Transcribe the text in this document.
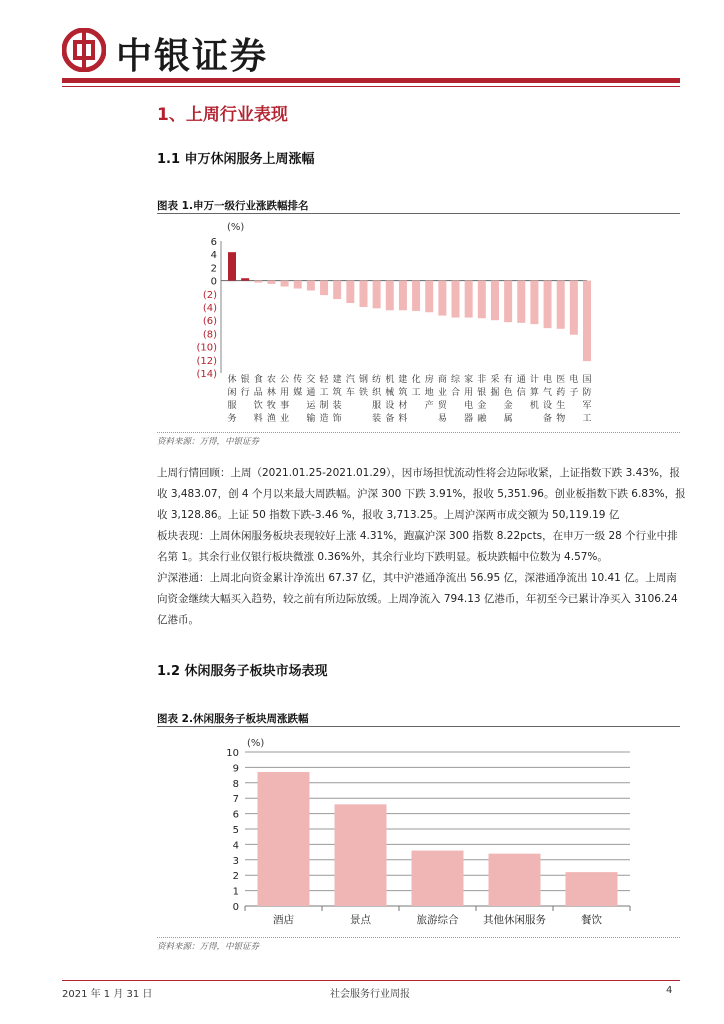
中银证券
1、上周行业表现
1.1 申万休闲服务上周涨幅
图表 1.申万一级行业涨跌幅排名
(%)
6
4
2
0
(2)
(4)
(6)
(8)
(10)
(12)
(14) 休闲服务
银行
食品饮料
农林牧渔
公用事业
传媒
交通运输
轻工制造
建筑装饰
汽车
钢铁
纺织服装
机械设备
建筑材料
化工
房地产
商业贸易
综合
家用电器
非银金融
采掘
有色金属
通信
计算机
电气设备
医药生物
电子
国防军工
资料来源：万得，中银证券
上周行情回顾：上周（2021.01.25-2021.01.29），因市场担忧流动性将会边际收紧，上证指数下跌 3.43%，报收 3,483.07，创 4 个月以来最大周跌幅。沪深 300 下跌 3.91%，报收 5,351.96。创业板指数下跌 6.83%，报收 3,128.86。上证 50 指数下跌-3.46 %，报收 3,713.25。上周沪深两市成交额为 50,119.19 亿
板块表现：上周休闲服务板块表现较好上涨 4.31%，跑赢沪深 300 指数 8.22pcts，在申万一级 28 个行业中排名第 1。其余行业仅银行板块微涨 0.36%外，其余行业均下跌明显。板块跌幅中位数为 4.57%。
沪深港通：上周北向资金累计净流出 67.37 亿，其中沪港通净流出 56.95 亿，深港通净流出 10.41 亿。上周南向资金继续大幅买入趋势，较之前有所边际放缓。上周净流入 794.13 亿港币，年初至今已累计净买入 3106.24 亿港币。
1.2 休闲服务子板块市场表现
图表 2.休闲服务子板块周涨跌幅
(%)
0
1
2
3
4
5
6
7
8
9
10
酒店	景点	旅游综合 其他休闲服务	餐饮
资料来源：万得，中银证券
2021 年 1 月 31 日	社会服务行业周报	4
